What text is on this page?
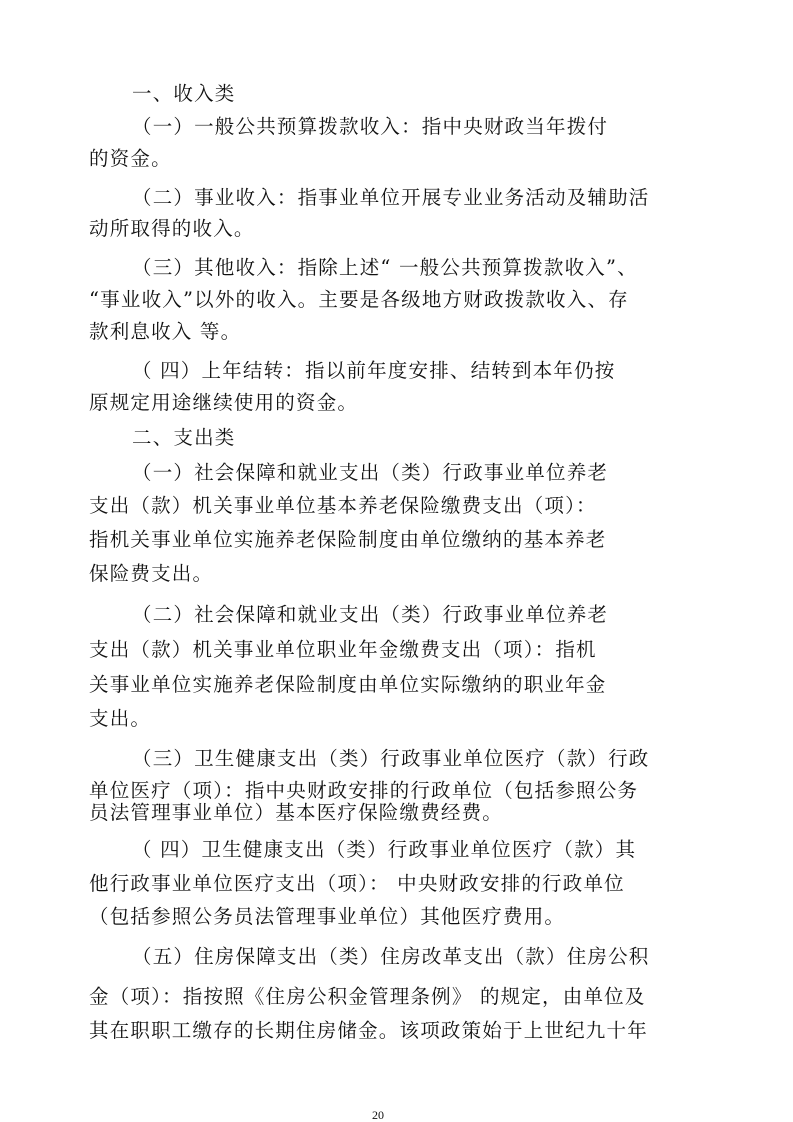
一、收入类
（一）一般公共预算拨款收入：指中央财政当年拨付
的资金。
（二）事业收入：指事业单位开展专业业务活动及辅助活
动所取得的收入。
（三）其他收入：指除上述“ 一般公共预算拨款收入”、
“事业收入”以外的收入。主要是各级地方财政拨款收入、存
款利息收入 等。
（ 四）上年结转：指以前年度安排、结转到本年仍按
原规定用途继续使用的资金。
二、支出类
（一）社会保障和就业支出（类）行政事业单位养老
支出（款）机关事业单位基本养老保险缴费支出（项）：
指机关事业单位实施养老保险制度由单位缴纳的基本养老
保险费支出。
（二）社会保障和就业支出（类）行政事业单位养老
支出（款）机关事业单位职业年金缴费支出（项）：指机
关事业单位实施养老保险制度由单位实际缴纳的职业年金
支出。
（三）卫生健康支出（类）行政事业单位医疗（款）行政
单位医疗（项）：指中央财政安排的行政单位（包括参照公务
员法管理事业单位）基本医疗保险缴费经费。
（ 四）卫生健康支出（类）行政事业单位医疗（款）其
他行政事业单位医疗支出（项）： 中央财政安排的行政单位
（包括参照公务员法管理事业单位）其他医疗费用。
（五）住房保障支出（类）住房改革支出（款）住房公积
金（项）：指按照《住房公积金管理条例》 的规定，由单位及
其在职职工缴存的长期住房储金。该项政策始于上世纪九十年
20
